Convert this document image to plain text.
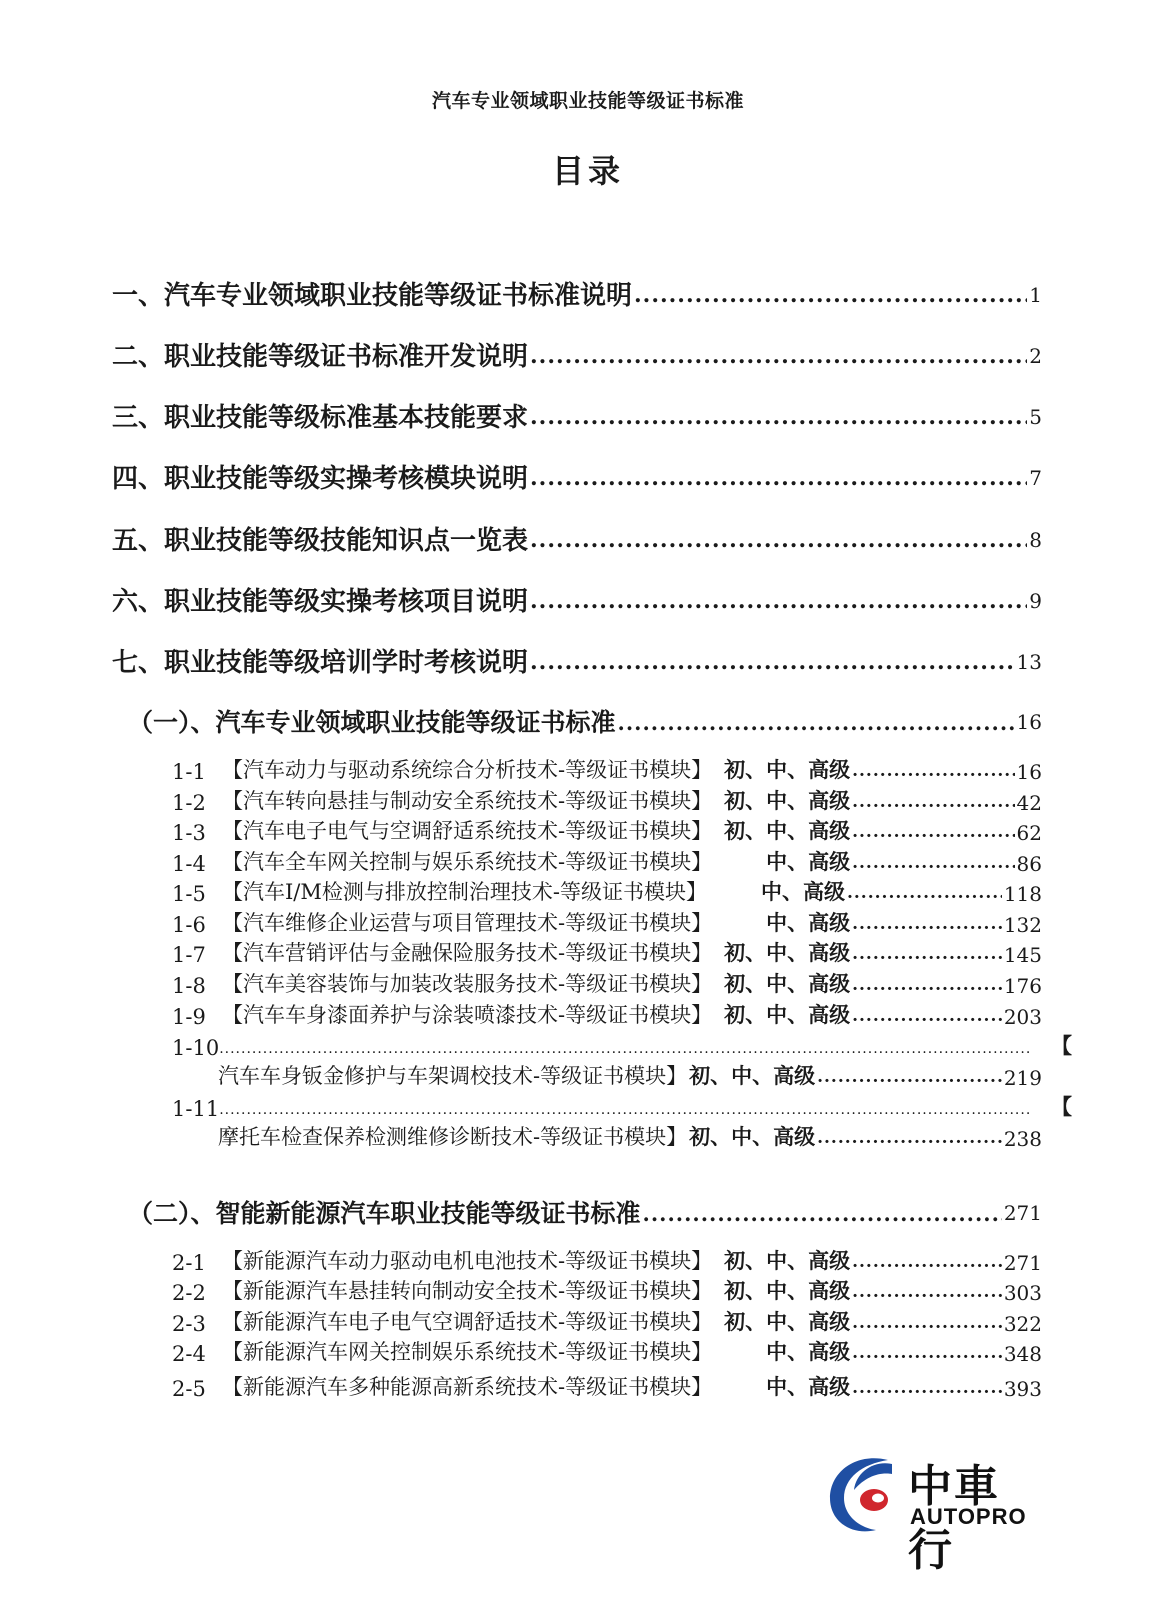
汽车专业领域职业技能等级证书标准
目录
一、汽车专业领域职业技能等级证书标准说明 .....	1
二、职业技能等级证书标准开发说明 .....	2
三、职业技能等级标准基本技能要求 .....	5
四、职业技能等级实操考核模块说明 .....	7
五、职业技能等级技能知识点一览表 .....	8
六、职业技能等级实操考核项目说明 .....	9
七、职业技能等级培训学时考核说明 .....	13
（一）、汽车专业领域职业技能等级证书标准 .....	16
1-1 【汽车动力与驱动系统综合分析技术-等级证书模块】 初、中、高级 .....	16
1-2 【汽车转向悬挂与制动安全系统技术-等级证书模块】 初、中、高级 .....	42
1-3 【汽车电子电气与空调舒适系统技术-等级证书模块】 初、中、高级 .....	62
1-4 【汽车全车网关控制与娱乐系统技术-等级证书模块】	中、高级 .....	86
1-5 【汽车I/M检测与排放控制治理技术-等级证书模块】	中、高级 .....	118
1-6 【汽车维修企业运营与项目管理技术-等级证书模块】	中、高级 .....	132
1-7 【汽车营销评估与金融保险服务技术-等级证书模块】 初、中、高级 .....	145
1-8 【汽车美容装饰与加装改装服务技术-等级证书模块】 初、中、高级 .....	176
1-9 【汽车车身漆面养护与涂装喷漆技术-等级证书模块】 初、中、高级 .....	203
1-10 .....	【
汽车车身钣金修护与车架调校技术-等级证书模块】 初、中、高级 .....	219
1-11 .....	【
摩托车检查保养检测维修诊断技术-等级证书模块】 初、中、高级 .....	238
（二）、智能新能源汽车职业技能等级证书标准 .....	271
2-1 【新能源汽车动力驱动电机电池技术-等级证书模块】 初、中、高级 .....	271
2-2 【新能源汽车悬挂转向制动安全技术-等级证书模块】 初、中、高级 .....	303
2-3 【新能源汽车电子电气空调舒适技术-等级证书模块】 初、中、高级 .....	322
2-4 【新能源汽车网关控制娱乐系统技术-等级证书模块】	中、高级 .....	348
2-5 【新能源汽车多种能源高新系统技术-等级证书模块】	中、高级 .....	393
中車行
AUTOPRO
